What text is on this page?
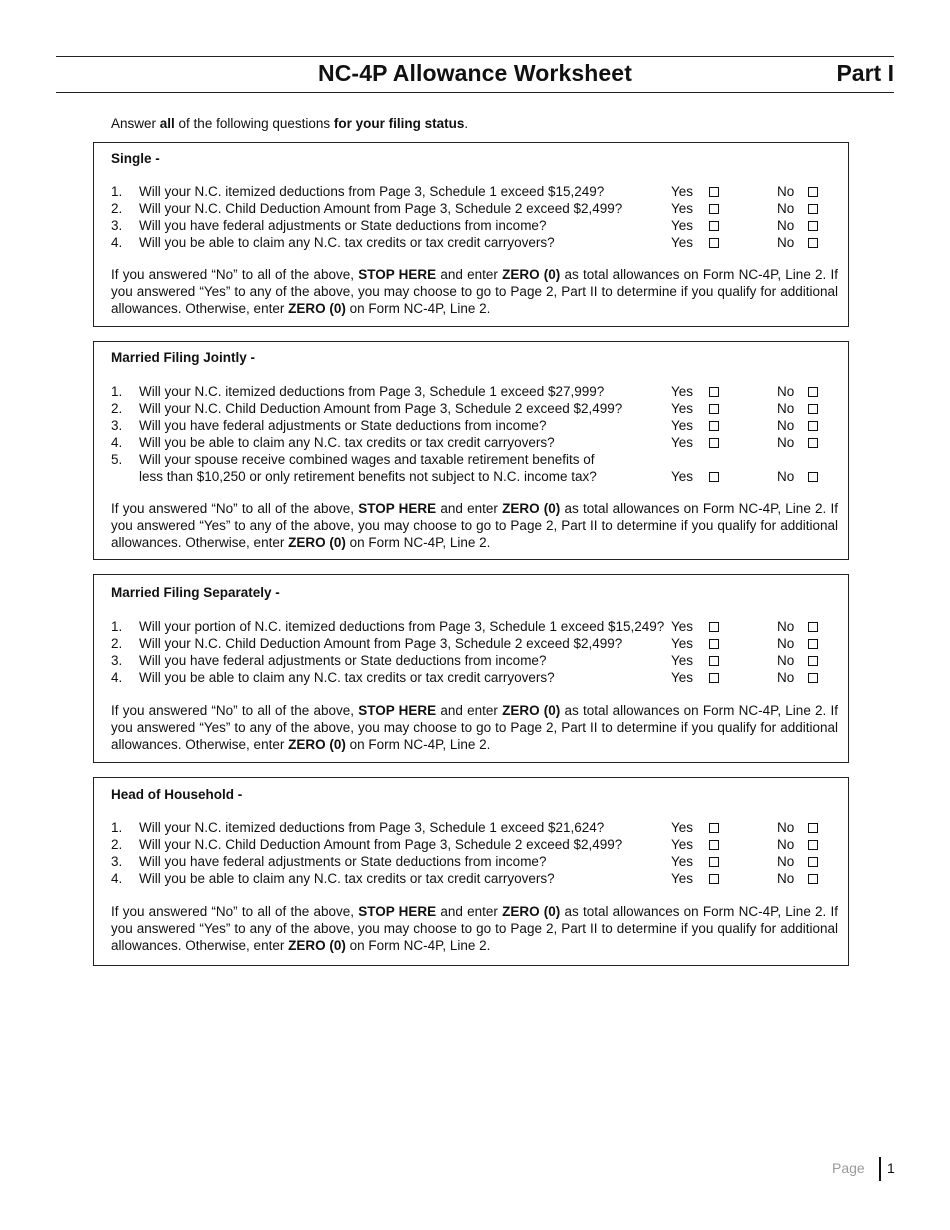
NC-4P Allowance Worksheet	Part I
Answer all of the following questions for your filing status.
Single -
1. Will your N.C. itemized deductions from Page 3, Schedule 1 exceed $15,249?	Yes	No
2. Will your N.C. Child Deduction Amount from Page 3, Schedule 2 exceed $2,499?	Yes	No
3. Will you have federal adjustments or State deductions from income?	Yes	No
4. Will you be able to claim any N.C. tax credits or tax credit carryovers?	Yes	No
If you answered “No” to all of the above, STOP HERE and enter ZERO (0) as total allowances on Form NC-4P, Line 2. If you answered “Yes” to any of the above, you may choose to go to Page 2, Part II to determine if you qualify for additional allowances. Otherwise, enter ZERO (0) on Form NC-4P, Line 2.
Married Filing Jointly -
1. Will your N.C. itemized deductions from Page 3, Schedule 1 exceed $27,999?	Yes	No
2. Will your N.C. Child Deduction Amount from Page 3, Schedule 2 exceed $2,499?	Yes	No
3. Will you have federal adjustments or State deductions from income?	Yes	No
4. Will you be able to claim any N.C. tax credits or tax credit carryovers?	Yes	No
5. Will your spouse receive combined wages and taxable retirement benefits of
less than $10,250 or only retirement benefits not subject to N.C. income tax?	Yes	No
If you answered “No” to all of the above, STOP HERE and enter ZERO (0) as total allowances on Form NC-4P, Line 2. If you answered “Yes” to any of the above, you may choose to go to Page 2, Part II to determine if you qualify for additional allowances. Otherwise, enter ZERO (0) on Form NC-4P, Line 2.
Married Filing Separately -
1. Will your portion of N.C. itemized deductions from Page 3, Schedule 1 exceed $15,249? Yes	No
2. Will your N.C. Child Deduction Amount from Page 3, Schedule 2 exceed $2,499?	Yes	No
3. Will you have federal adjustments or State deductions from income?	Yes	No
4. Will you be able to claim any N.C. tax credits or tax credit carryovers?	Yes	No
If you answered “No” to all of the above, STOP HERE and enter ZERO (0) as total allowances on Form NC-4P, Line 2. If you answered “Yes” to any of the above, you may choose to go to Page 2, Part II to determine if you qualify for additional allowances. Otherwise, enter ZERO (0) on Form NC-4P, Line 2.
Head of Household -
1. Will your N.C. itemized deductions from Page 3, Schedule 1 exceed $21,624?	Yes	No
2. Will your N.C. Child Deduction Amount from Page 3, Schedule 2 exceed $2,499?	Yes	No
3. Will you have federal adjustments or State deductions from income?	Yes	No
4. Will you be able to claim any N.C. tax credits or tax credit carryovers?	Yes	No
If you answered “No” to all of the above, STOP HERE and enter ZERO (0) as total allowances on Form NC-4P, Line 2. If you answered “Yes” to any of the above, you may choose to go to Page 2, Part II to determine if you qualify for additional allowances. Otherwise, enter ZERO (0) on Form NC-4P, Line 2.
Page 1
